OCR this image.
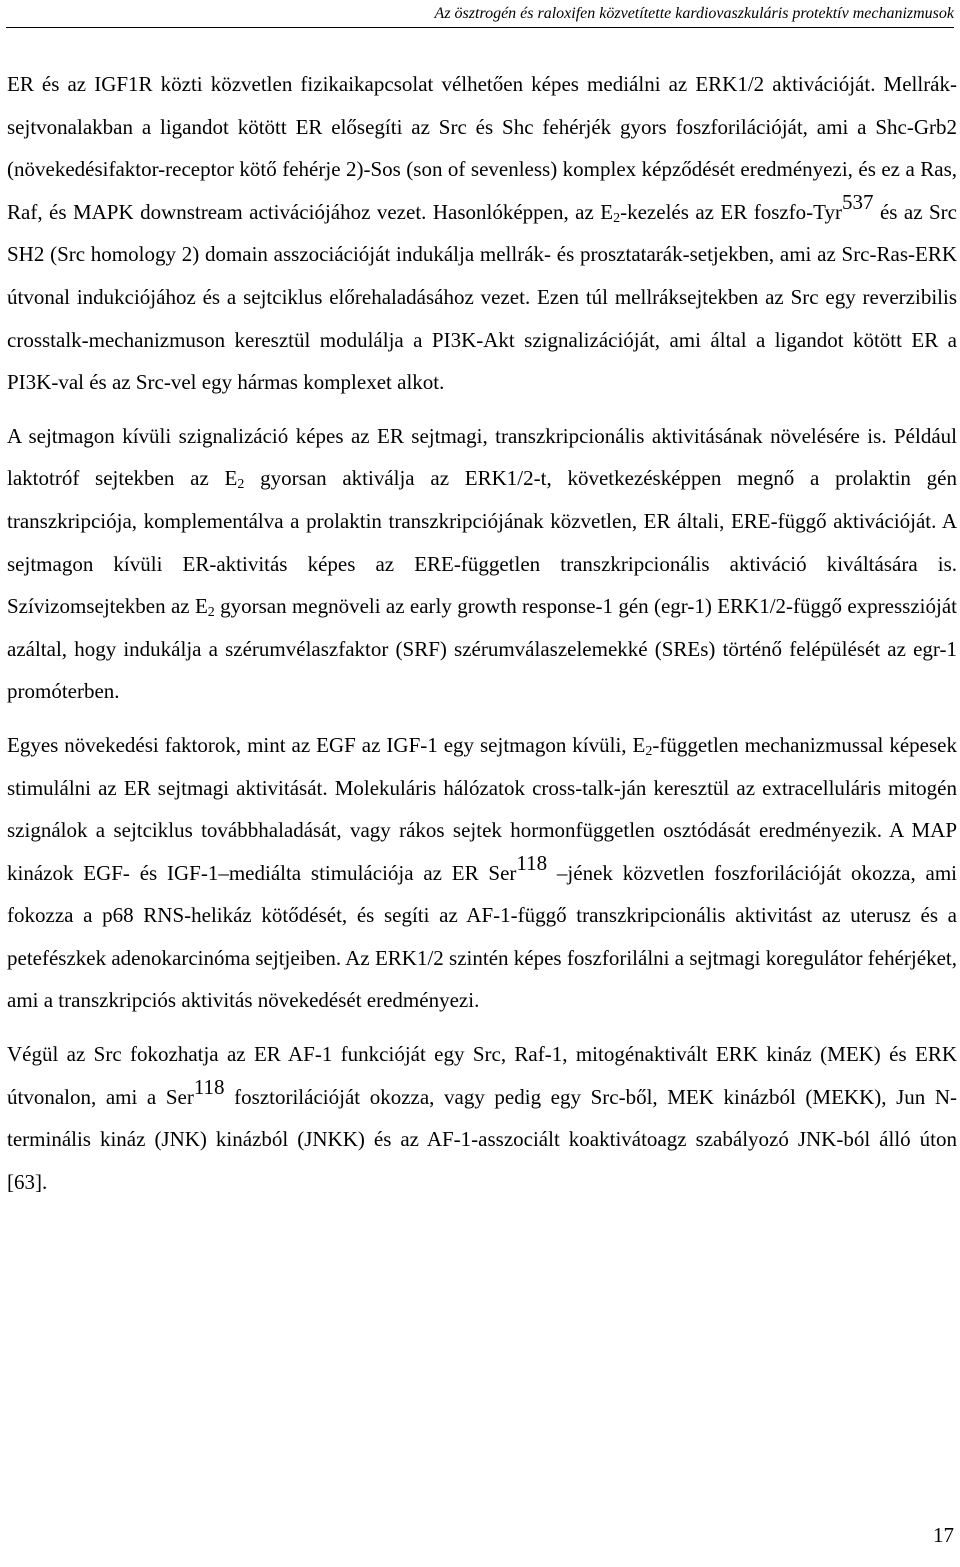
Az ösztrogén és raloxifen közvetítette kardiovaszkuláris protektív mechanizmusok

ER és az IGF1R közti közvetlen fizikaikapcsolat vélhetően képes mediálni az ERK1/2 aktivációját. Mellrák-sejtvonalakban a ligandot kötött ER elősegíti az Src és Shc fehérjék gyors foszforilációját, ami a Shc-Grb2 (növekedésifaktor-receptor kötő fehérje 2)-Sos (son of sevenless) komplex képződését eredményezi, és ez a Ras, Raf, és MAPK downstream activációjához vezet. Hasonlóképpen, az $E_2$-kezelés az ER foszfo-Tyr537 és az Src SH2 (Src homology 2) domain asszociációját indukálja mellrák- és prosztatarák-setjekben, ami az Src-Ras-ERK útvonal indukciójához és a sejtciklus előrehaladásához vezet. Ezen túl mellráksejtekben az Src egy reverzibilis crosstalk-mechanizmuson keresztül modulálja a PI3K-Akt szignalizációját, ami által a ligandot kötött ER a PI3K-val és az Src-vel egy hármas komplexet alkot.

A sejtmagon kívüli szignalizáció képes az ER sejtmagi, transzkripcionális aktivitásának növelésére is. Például laktotróf sejtekben az $E_2$ gyorsan aktiválja az ERK1/2-t, következésképpen megnő a prolaktin gén transzkripciója, komplementálva a prolaktin transzkripciójának közvetlen, ER általi, ERE-függő aktivációját. A sejtmagon kívüli ER-aktivitás képes az ERE-független transzkripcionális aktiváció kiváltására is. Szívizomsejtekben az $E_2$ gyorsan megnöveli az early growth response-1 gén (egr-1) ERK1/2-függő expresszióját azáltal, hogy indukálja a szérumvélaszfaktor (SRF) szérumválaszelemekké (SREs) történő felépülését az egr-1 promóterben.

Egyes növekedési faktorok, mint az EGF az IGF-1 egy sejtmagon kívüli, $E_2$-független mechanizmussal képesek stimulálni az ER sejtmagi aktivitását. Molekuláris hálózatok cross-talk-ján keresztül az extracelluláris mitogén szignálok a sejtciklus továbbhaladását, vagy rákos sejtek hormonfüggetlen osztódását eredményezik. A MAP kinázok EGF- és IGF-1–mediálta stimulációja az ER Ser118 –jének közvetlen foszforilációját okozza, ami fokozza a p68 RNS-helikáz kötődését, és segíti az AF-1-függő transzkripcionális aktivitást az uterusz és a petefészkek adenokarcinóma sejtjeiben. Az ERK1/2 szintén képes foszforilálni a sejtmagi koregulátor fehérjéket, ami a transzkripciós aktivitás növekedését eredményezi.

Végül az Src fokozhatja az ER AF-1 funkcióját egy Src, Raf-1, mitogénaktivált ERK kináz (MEK) és ERK útvonalon, ami a Ser118 fosztorilációját okozza, vagy pedig egy Src-ből, MEK kinázból (MEKK), Jun N-terminális kináz (JNK) kinázból (JNKK) és az AF-1-asszociált koaktivátoagz szabályozó JNK-ból álló úton [63].

17
